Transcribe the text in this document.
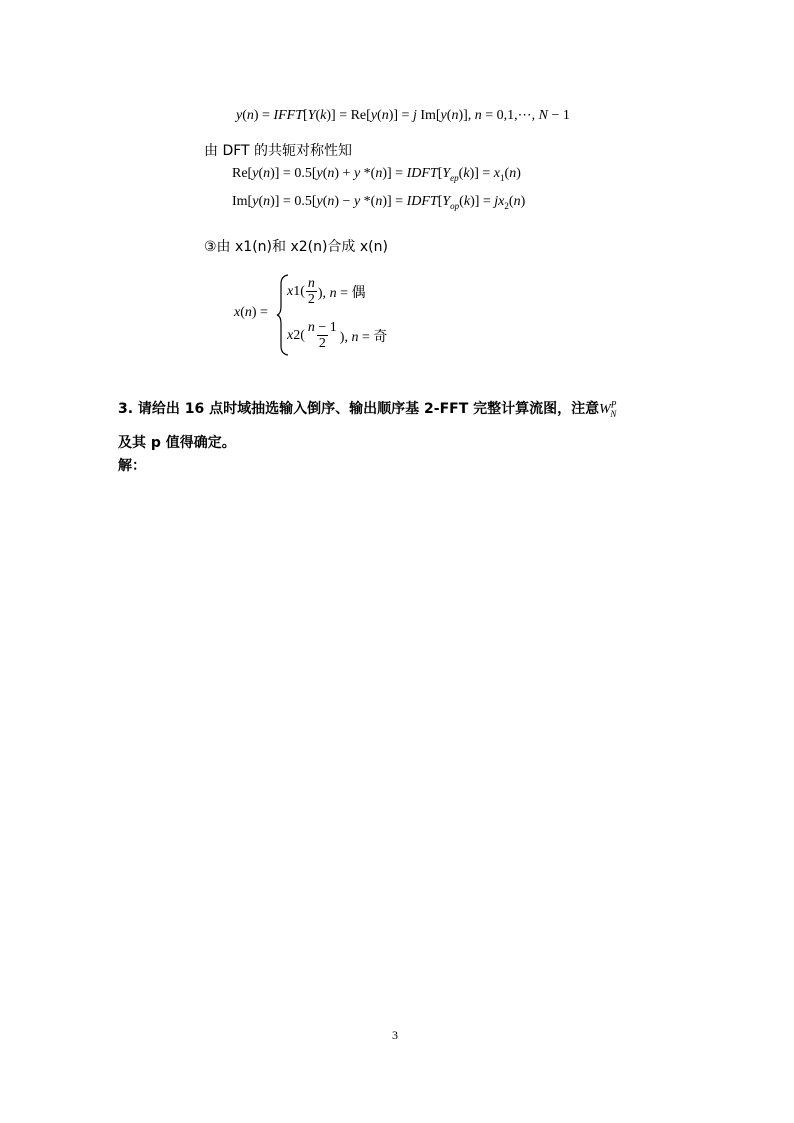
y(n) = IFFT[Y(k)] = Re[y(n)] = j Im[y(n)], n = 0,1,⋯, N − 1
由 DFT 的共轭对称性知
Re[y(n)] = 0.5[y(n) + y $*(n)] = IDFT[Y_{ep}(k)] = x_1(n)$
Im[y(n)] = 0.5[y(n) − y $*(n)] = IDFT[Y_{op}(k)] = jx_2(n)$
③由 x1(n)和 x2(n)合成 x(n)
x(n) =
$x1( \frac{n}{2}$ ), n = 偶
$x2( \frac{n - 1}{2}$ ), n = 奇
3. 请给出 16 点时域抽选输入倒序、输出顺序基 2-FFT 完整计算流图，注意$W^P_N$
及其 p 值得确定。
解：
3
